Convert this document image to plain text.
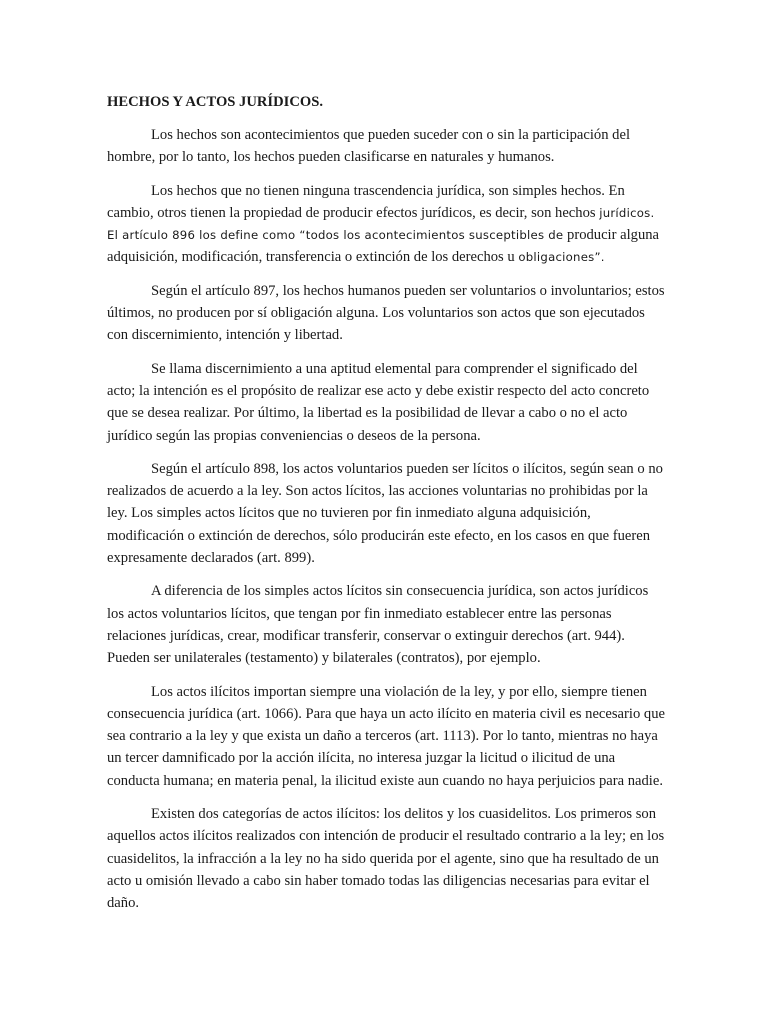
HECHOS Y ACTOS JURÍDICOS.

Los hechos son acontecimientos que pueden suceder con o sin la participación del hombre, por lo tanto, los hechos pueden clasificarse en naturales y humanos.

Los hechos que no tienen ninguna trascendencia jurídica, son simples hechos. En cambio, otros tienen la propiedad de producir efectos jurídicos, es decir, son hechos jurídicos. El artículo 896 los define como “todos los acontecimientos susceptibles de producir alguna adquisición, modificación, transferencia o extinción de los derechos u obligaciones”.

Según el artículo 897, los hechos humanos pueden ser voluntarios o involuntarios; estos últimos, no producen por sí obligación alguna. Los voluntarios son actos que son ejecutados con discernimiento, intención y libertad.

Se llama discernimiento a una aptitud elemental para comprender el significado del acto; la intención es el propósito de realizar ese acto y debe existir respecto del acto concreto que se desea realizar. Por último, la libertad es la posibilidad de llevar a cabo o no el acto jurídico según las propias conveniencias o deseos de la persona.

Según el artículo 898, los actos voluntarios pueden ser lícitos o ilícitos, según sean o no realizados de acuerdo a la ley. Son actos lícitos, las acciones voluntarias no prohibidas por la ley. Los simples actos lícitos que no tuvieren por fin inmediato alguna adquisición, modificación o extinción de derechos, sólo producirán este efecto, en los casos en que fueren expresamente declarados (art. 899).

A diferencia de los simples actos lícitos sin consecuencia jurídica, son actos jurídicos los actos voluntarios lícitos, que tengan por fin inmediato establecer entre las personas relaciones jurídicas, crear, modificar transferir, conservar o extinguir derechos (art. 944). Pueden ser unilaterales (testamento) y bilaterales (contratos), por ejemplo.

Los actos ilícitos importan siempre una violación de la ley, y por ello, siempre tienen consecuencia jurídica (art. 1066). Para que haya un acto ilícito en materia civil es necesario que sea contrario a la ley y que exista un daño a terceros (art. 1113). Por lo tanto, mientras no haya un tercer damnificado por la acción ilícita, no interesa juzgar la licitud o ilicitud de una conducta humana; en materia penal, la ilicitud existe aun cuando no haya perjuicios para nadie.

Existen dos categorías de actos ilícitos: los delitos y los cuasidelitos. Los primeros son aquellos actos ilícitos realizados con intención de producir el resultado contrario a la ley; en los cuasidelitos, la infracción a la ley no ha sido querida por el agente, sino que ha resultado de un acto u omisión llevado a cabo sin haber tomado todas las diligencias necesarias para evitar el daño.
